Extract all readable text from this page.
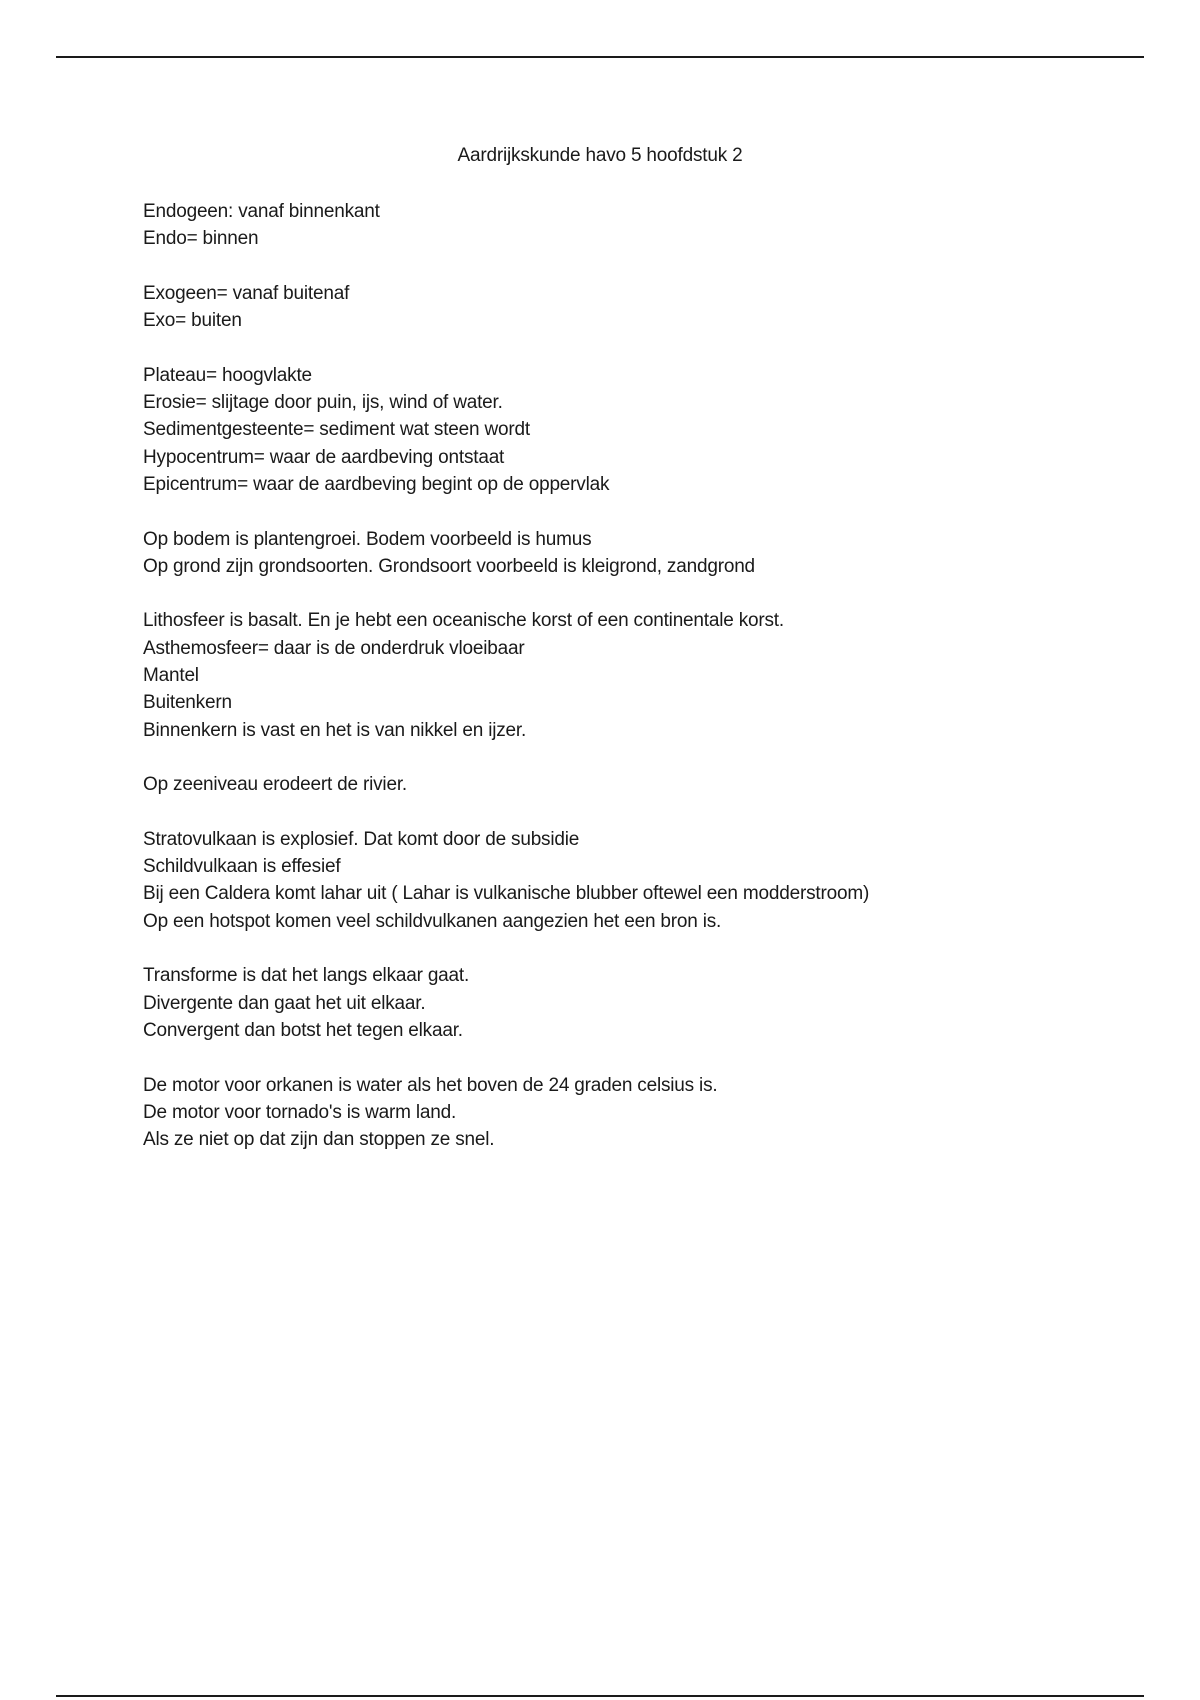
Aardrijkskunde havo 5 hoofdstuk 2
Endogeen: vanaf binnenkant
Endo= binnen
Exogeen= vanaf buitenaf
Exo= buiten
Plateau= hoogvlakte
Erosie= slijtage door puin, ijs, wind of water.
Sedimentgesteente= sediment wat steen wordt
Hypocentrum= waar de aardbeving ontstaat
Epicentrum= waar de aardbeving begint op de oppervlak
Op bodem is plantengroei. Bodem voorbeeld is humus
Op grond zijn grondsoorten. Grondsoort voorbeeld is kleigrond, zandgrond
Lithosfeer is basalt. En je hebt een oceanische korst of een continentale korst.
Asthemosfeer= daar is de onderdruk vloeibaar
Mantel
Buitenkern
Binnenkern is vast en het is van nikkel en ijzer.
Op zeeniveau erodeert de rivier.
Stratovulkaan is explosief. Dat komt door de subsidie
Schildvulkaan is effesief
Bij een Caldera komt lahar uit ( Lahar is vulkanische blubber oftewel een modderstroom)
Op een hotspot komen veel schildvulkanen aangezien het een bron is.
Transforme is dat het langs elkaar gaat.
Divergente dan gaat het uit elkaar.
Convergent dan botst het tegen elkaar.
De motor voor orkanen is water als het boven de 24 graden celsius is.
De motor voor tornado's is warm land.
Als ze niet op dat zijn dan stoppen ze snel.
